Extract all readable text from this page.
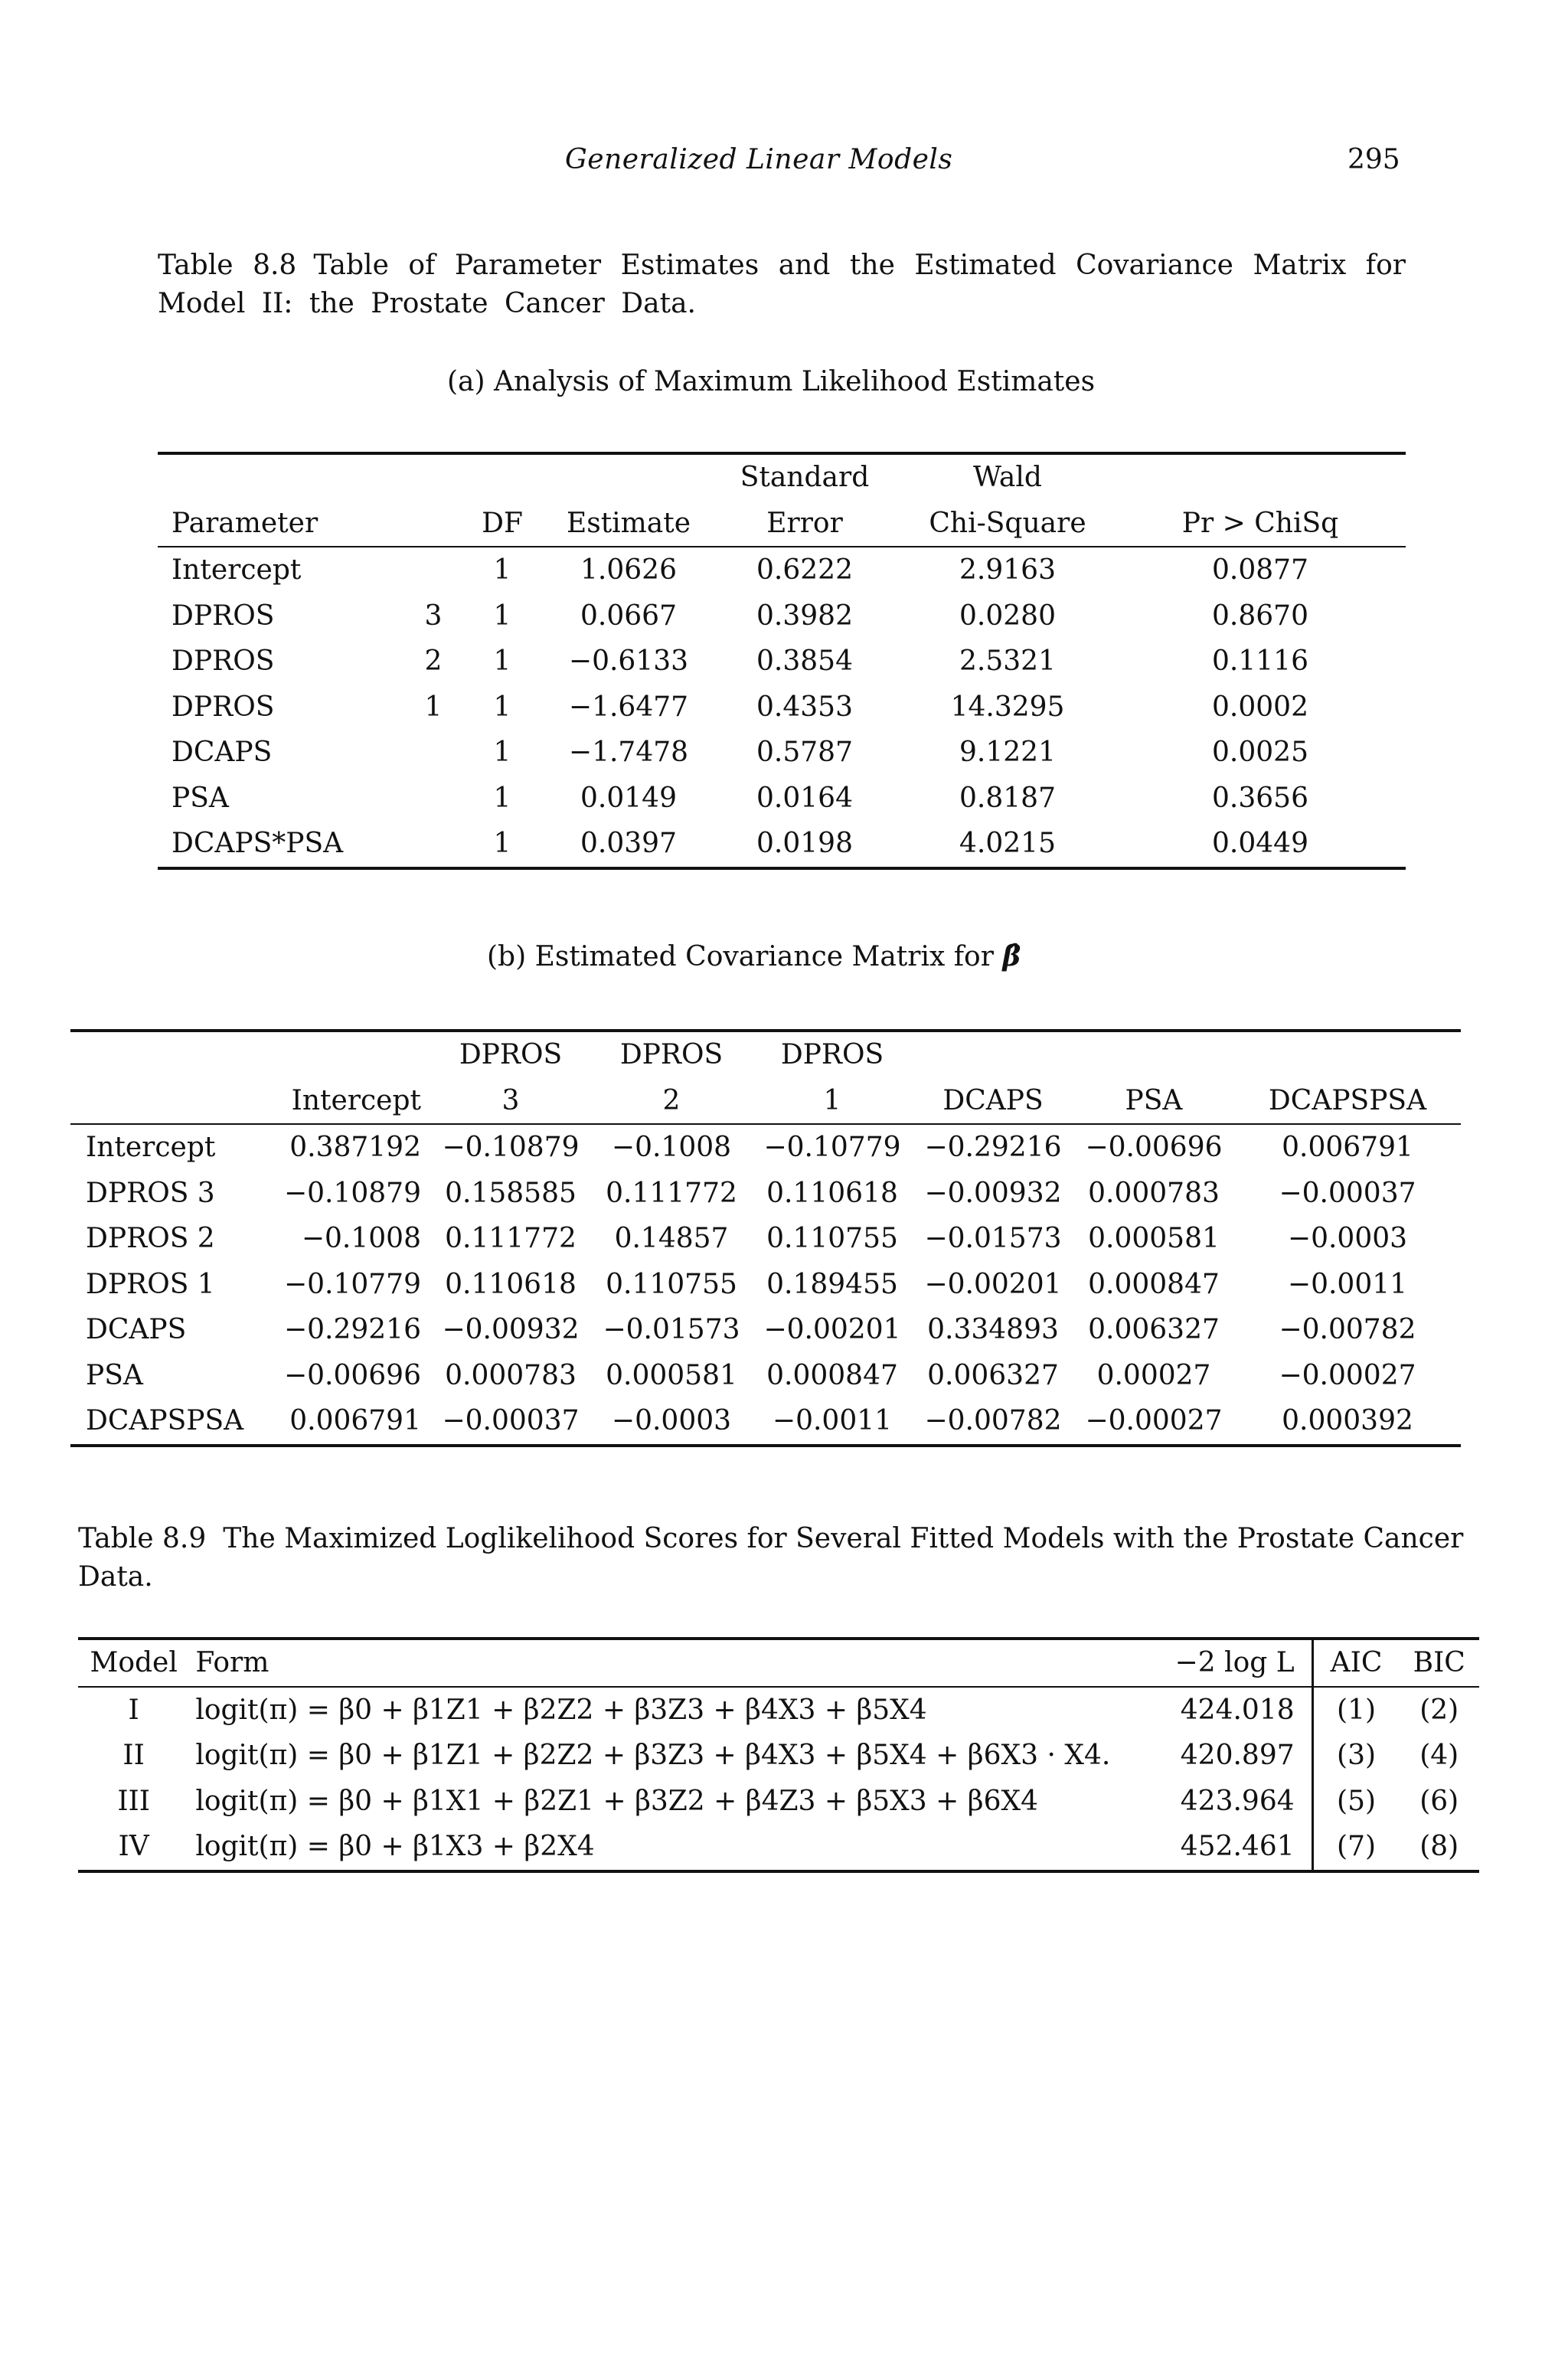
Generalized Linear Models	295
Table 8.8 Table of Parameter Estimates and the Estimated Covariance Matrix for Model II: the Prostate Cancer Data.
(a) Analysis of Maximum Likelihood Estimates
				Standard	Wald	
Parameter		DF	Estimate	Error	Chi-Square	Pr > ChiSq
Intercept		1	1.0626	0.6222	2.9163	0.0877
DPROS	3	1	0.0667	0.3982	0.0280	0.8670
DPROS	2	1	−0.6133	0.3854	2.5321	0.1116
DPROS	1	1	−1.6477	0.4353	14.3295	0.0002
DCAPS		1	−1.7478	0.5787	9.1221	0.0025
PSA		1	0.0149	0.0164	0.8187	0.3656
DCAPS*PSA		1	0.0397	0.0198	4.0215	0.0449
(b) Estimated Covariance Matrix for β̂
		DPROS	DPROS	DPROS			
	Intercept	3	2	1	DCAPS	PSA	DCAPSPSA
Intercept	0.387192	−0.10879	−0.1008	−0.10779	−0.29216	−0.00696	0.006791
DPROS 3	−0.10879	0.158585	0.111772	0.110618	−0.00932	0.000783	−0.00037
DPROS 2	−0.1008	0.111772	0.14857	0.110755	−0.01573	0.000581	−0.0003
DPROS 1	−0.10779	0.110618	0.110755	0.189455	−0.00201	0.000847	−0.0011
DCAPS	−0.29216	−0.00932	−0.01573	−0.00201	0.334893	0.006327	−0.00782
PSA	−0.00696	0.000783	0.000581	0.000847	0.006327	0.00027	−0.00027
DCAPSPSA	0.006791	−0.00037	−0.0003	−0.0011	−0.00782	−0.00027	0.000392
Table 8.9 The Maximized Loglikelihood Scores for Several Fitted Models with the Prostate Cancer Data.
Model	Form	−2 log L	AIC	BIC
I	logit(π) = β0 + β1Z1 + β2Z2 + β3Z3 + β4X3 + β5X4	424.018	(1)	(2)
II	logit(π) = β0 + β1Z1 + β2Z2 + β3Z3 + β4X3 + β5X4 + β6X3 · X4.	420.897	(3)	(4)
III	logit(π) = β0 + β1X1 + β2Z1 + β3Z2 + β4Z3 + β5X3 + β6X4	423.964	(5)	(6)
IV	logit(π) = β0 + β1X3 + β2X4	452.461	(7)	(8)
